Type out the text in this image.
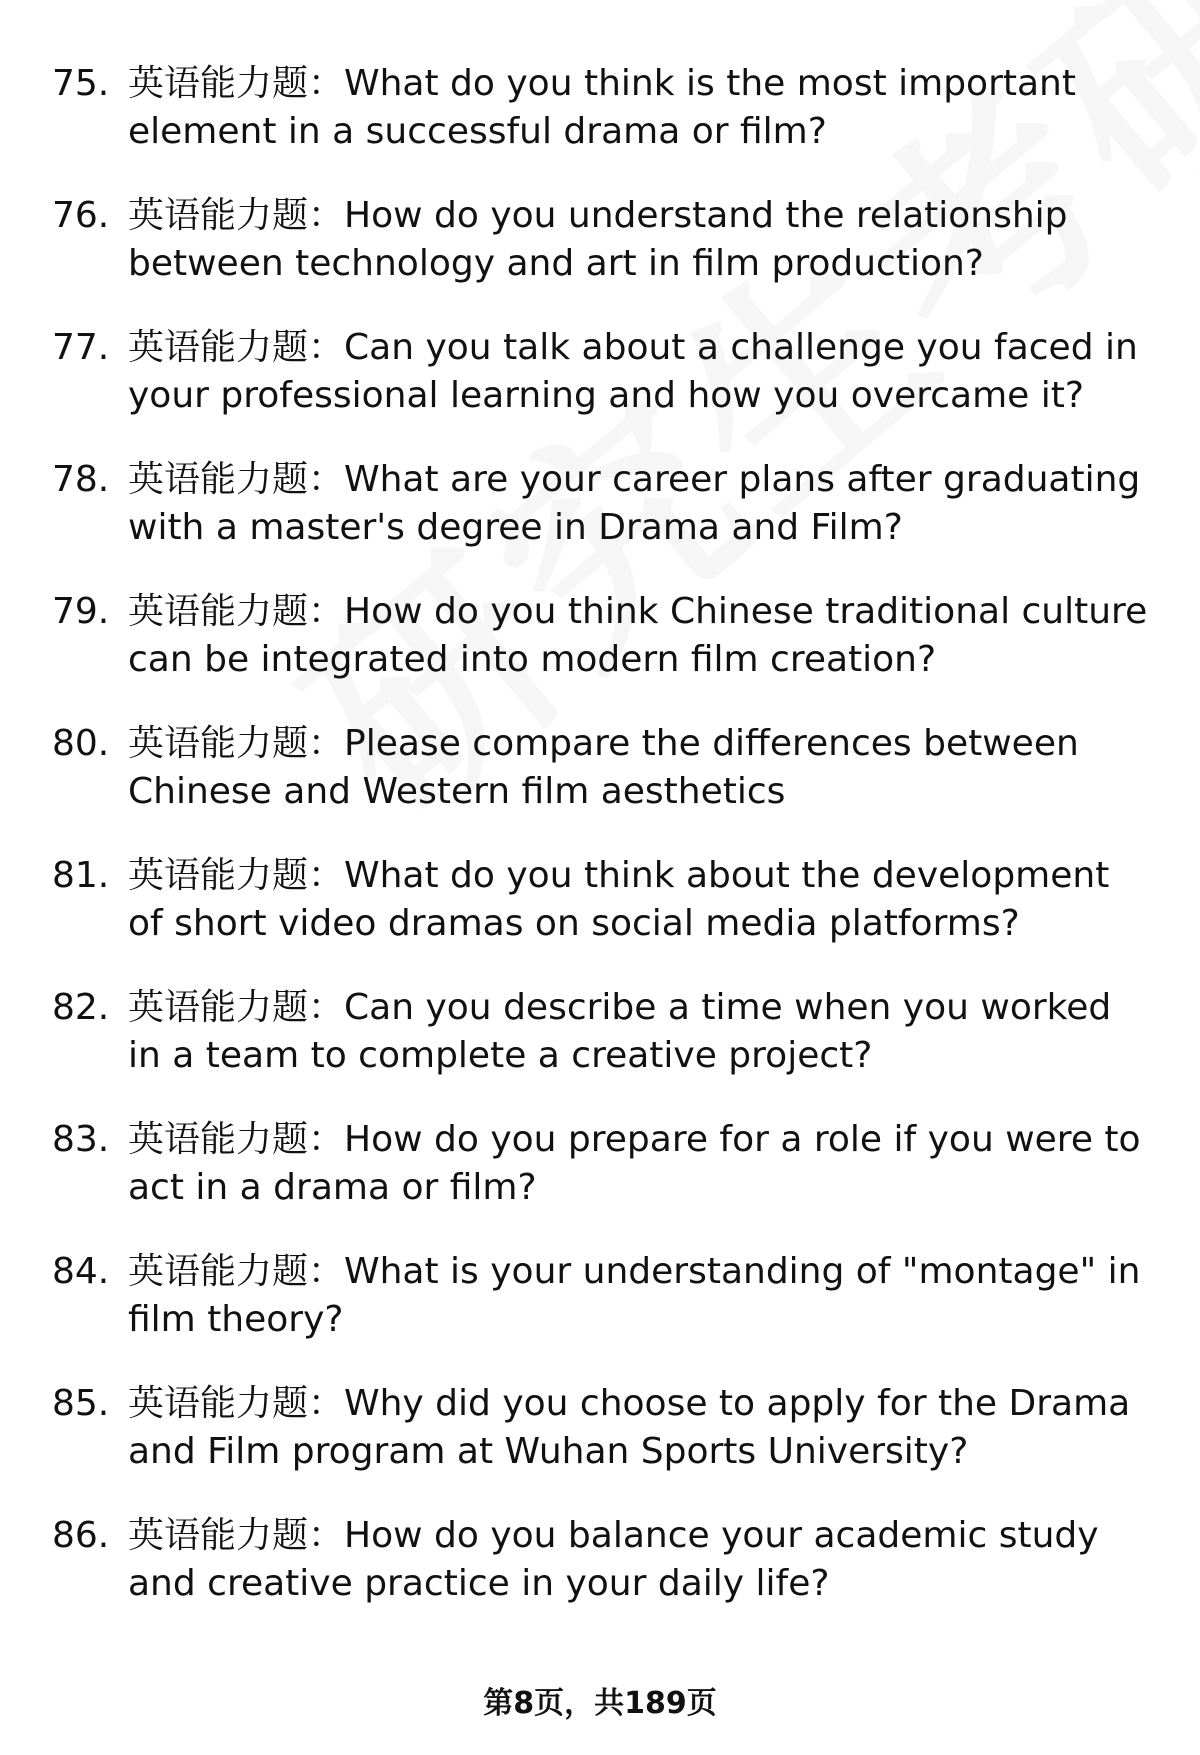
75. 英语能力题：What do you think is the most important element in a successful drama or film?
76. 英语能力题：How do you understand the relationship between technology and art in film production?
77. 英语能力题：Can you talk about a challenge you faced in your professional learning and how you overcame it?
78. 英语能力题：What are your career plans after graduating with a master's degree in Drama and Film?
79. 英语能力题：How do you think Chinese traditional culture can be integrated into modern film creation?
80. 英语能力题：Please compare the differences between Chinese and Western film aesthetics
81. 英语能力题：What do you think about the development of short video dramas on social media platforms?
82. 英语能力题：Can you describe a time when you worked in a team to complete a creative project?
83. 英语能力题：How do you prepare for a role if you were to act in a drama or film?
84. 英语能力题：What is your understanding of "montage" in film theory?
85. 英语能力题：Why did you choose to apply for the Drama and Film program at Wuhan Sports University?
86. 英语能力题：How do you balance your academic study and creative practice in your daily life?
第8页，共189页
